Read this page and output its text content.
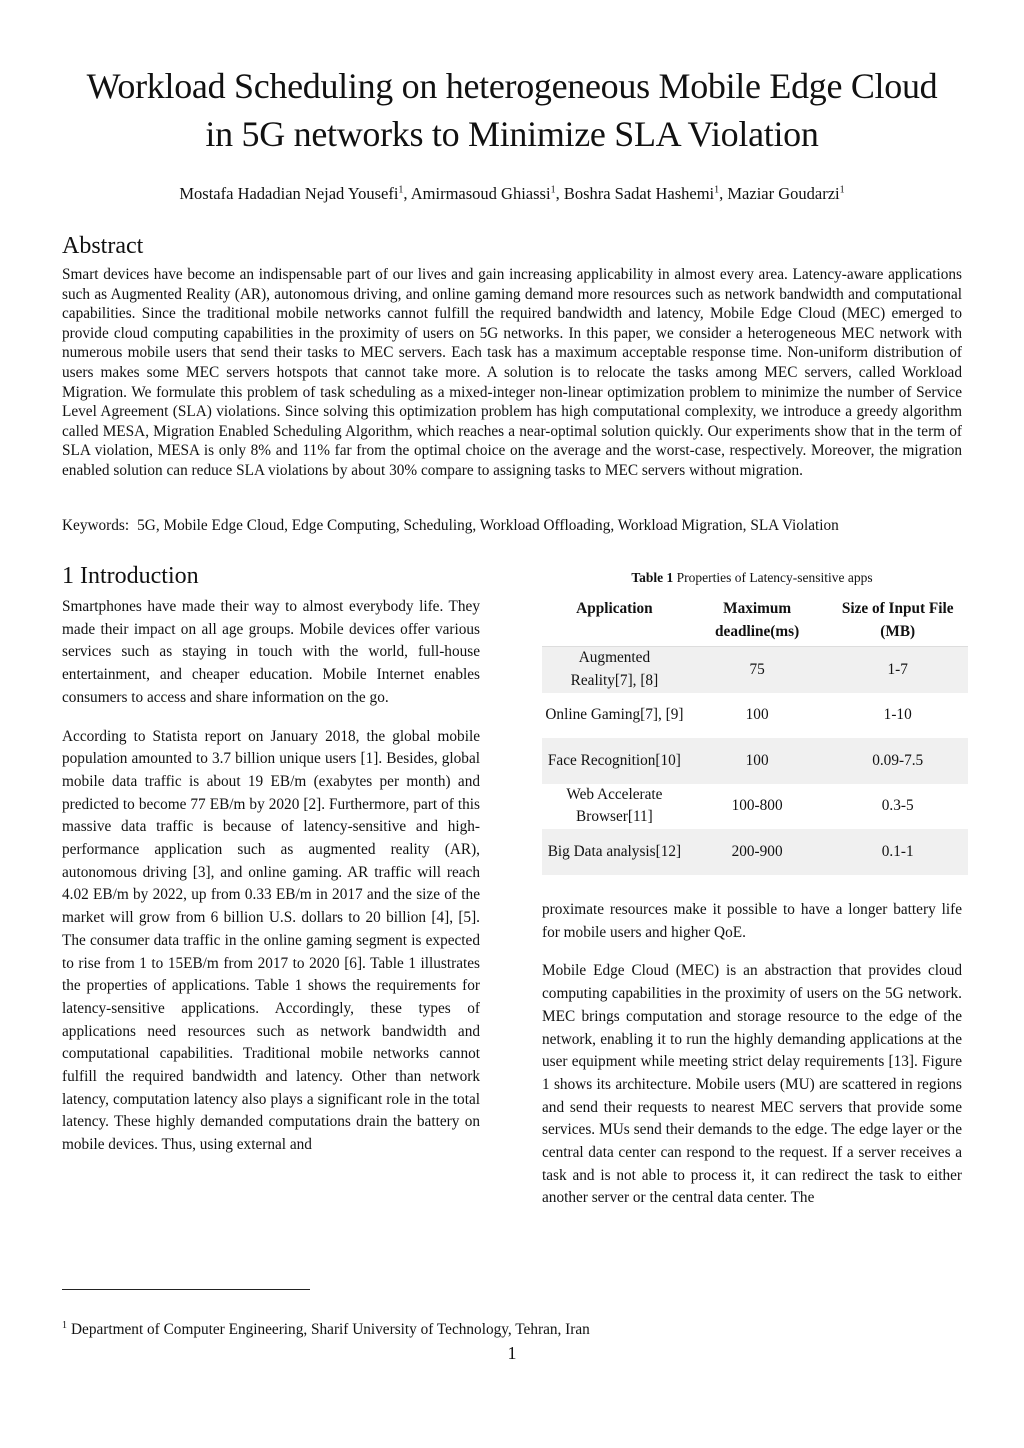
Workload Scheduling on heterogeneous Mobile Edge Cloud
in 5G networks to Minimize SLA Violation
Mostafa Hadadian Nejad Yousefi$^1$, Amirmasoud Ghiassi$^1$, Boshra Sadat Hashemi$^1$, Maziar Goudarzi$^1$
Abstract

Smart devices have become an indispensable part of our lives and gain increasing applicability in almost every area. Latency-aware applications such as Augmented Reality (AR), autonomous driving, and online gaming demand more resources such as network bandwidth and computational capabilities. Since the traditional mobile networks cannot fulfill the required bandwidth and latency, Mobile Edge Cloud (MEC) emerged to provide cloud computing capabilities in the proximity of users on 5G networks. In this paper, we consider a heterogeneous MEC network with numerous mobile users that send their tasks to MEC servers. Each task has a maximum acceptable response time. Non-uniform distribution of users makes some MEC servers hotspots that cannot take more. A solution is to relocate the tasks among MEC servers, called Workload Migration. We formulate this problem of task scheduling as a mixed-integer non-linear optimization problem to minimize the number of Service Level Agreement (SLA) violations. Since solving this optimization problem has high computational complexity, we introduce a greedy algorithm called MESA, Migration Enabled Scheduling Algorithm, which reaches a near-optimal solution quickly. Our experiments show that in the term of SLA violation, MESA is only 8% and 11% far from the optimal choice on the average and the worst-case, respectively. Moreover, the migration enabled solution can reduce SLA violations by about 30% compare to assigning tasks to MEC servers without migration.

Keywords: 5G, Mobile Edge Cloud, Edge Computing, Scheduling, Workload Offloading, Workload Migration, SLA Violation
1 Introduction

Smartphones have made their way to almost everybody life. They made their impact on all age groups. Mobile devices offer various services such as staying in touch with the world, full-house entertainment, and cheaper education. Mobile Internet enables consumers to access and share information on the go.

According to Statista report on January 2018, the global mobile population amounted to 3.7 billion unique users [1]. Besides, global mobile data traffic is about 19 EB/m (exabytes per month) and predicted to become 77 EB/m by 2020 [2]. Furthermore, part of this massive data traffic is because of latency-sensitive and high-performance application such as augmented reality (AR), autonomous driving [3], and online gaming. AR traffic will reach 4.02 EB/m by 2022, up from 0.33 EB/m in 2017 and the size of the market will grow from 6 billion U.S. dollars to 20 billion [4], [5]. The consumer data traffic in the online gaming segment is expected to rise from 1 to 15EB/m from 2017 to 2020 [6]. Table 1 illustrates the properties of applications. Table 1 shows the requirements for latency-sensitive applications. Accordingly, these types of applications need resources such as network bandwidth and computational capabilities. Traditional mobile networks cannot fulfill the required bandwidth and latency. Other than network latency, computation latency also plays a significant role in the total latency. These highly demanded computations drain the battery on mobile devices. Thus, using external and

Table 1 Properties of Latency-sensitive apps
Application	Maximum deadline(ms)	Size of Input File (MB)
Augmented Reality[7], [8]	75	1-7
Online Gaming[7], [9]	100	1-10
Face Recognition[10]	100	0.09-7.5
Web Accelerate Browser[11]	100-800	0.3-5
Big Data analysis[12]	200-900	0.1-1

proximate resources make it possible to have a longer battery life for mobile users and higher QoE.

Mobile Edge Cloud (MEC) is an abstraction that provides cloud computing capabilities in the proximity of users on the 5G network. MEC brings computation and storage resource to the edge of the network, enabling it to run the highly demanding applications at the user equipment while meeting strict delay requirements [13]. Figure 1 shows its architecture. Mobile users (MU) are scattered in regions and send their requests to nearest MEC servers that provide some services. MUs send their demands to the edge. The edge layer or the central data center can respond to the request. If a server receives a task and is not able to process it, it can redirect the task to either another server or the central data center. The

$^1$ Department of Computer Engineering, Sharif University of Technology, Tehran, Iran
1
